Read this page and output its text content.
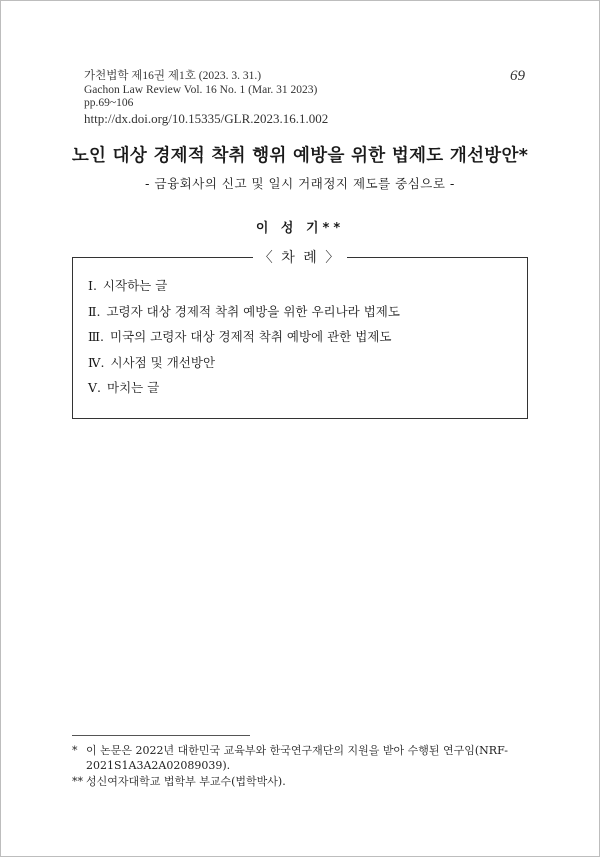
가천법학 제16권 제1호 (2023. 3. 31.)
Gachon Law Review Vol. 16 No. 1 (Mar. 31 2023)
pp.69~106
http://dx.doi.org/10.15335/GLR.2023.16.1.002
69
노인 대상 경제적 착취 행위 예방을 위한 법제도 개선방안*
- 금융회사의 신고 및 일시 거래정지 제도를 중심으로 -
이 성 기**
〈 차 례 〉
Ⅰ. 시작하는 글
Ⅱ. 고령자 대상 경제적 착취 예방을 위한 우리나라 법제도
Ⅲ. 미국의 고령자 대상 경제적 착취 예방에 관한 법제도
Ⅳ. 시사점 및 개선방안
Ⅴ. 마치는 글
* 이 논문은 2022년 대한민국 교육부와 한국연구재단의 지원을 받아 수행된 연구임(NRF-2021S1A3A2A02089039).
** 성신여자대학교 법학부 부교수(법학박사).
